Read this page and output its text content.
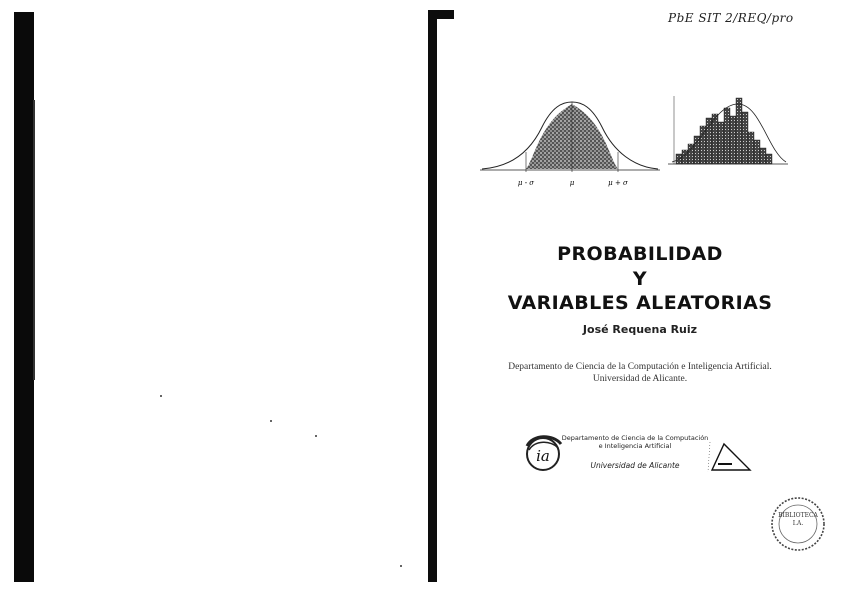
PbE SIT 2/REQ/pro
μ - σ	μ	μ + σ
PROBABILIDAD
Y
VARIABLES ALEATORIAS
José Requena Ruiz
Departamento de Ciencia de la Computación e Inteligencia Artificial.
Universidad de Alicante.
ia
Departamento de Ciencia de la Computación
e Inteligencia Artificial
Universidad de Alicante
BIBLIOTECA
I.A.
